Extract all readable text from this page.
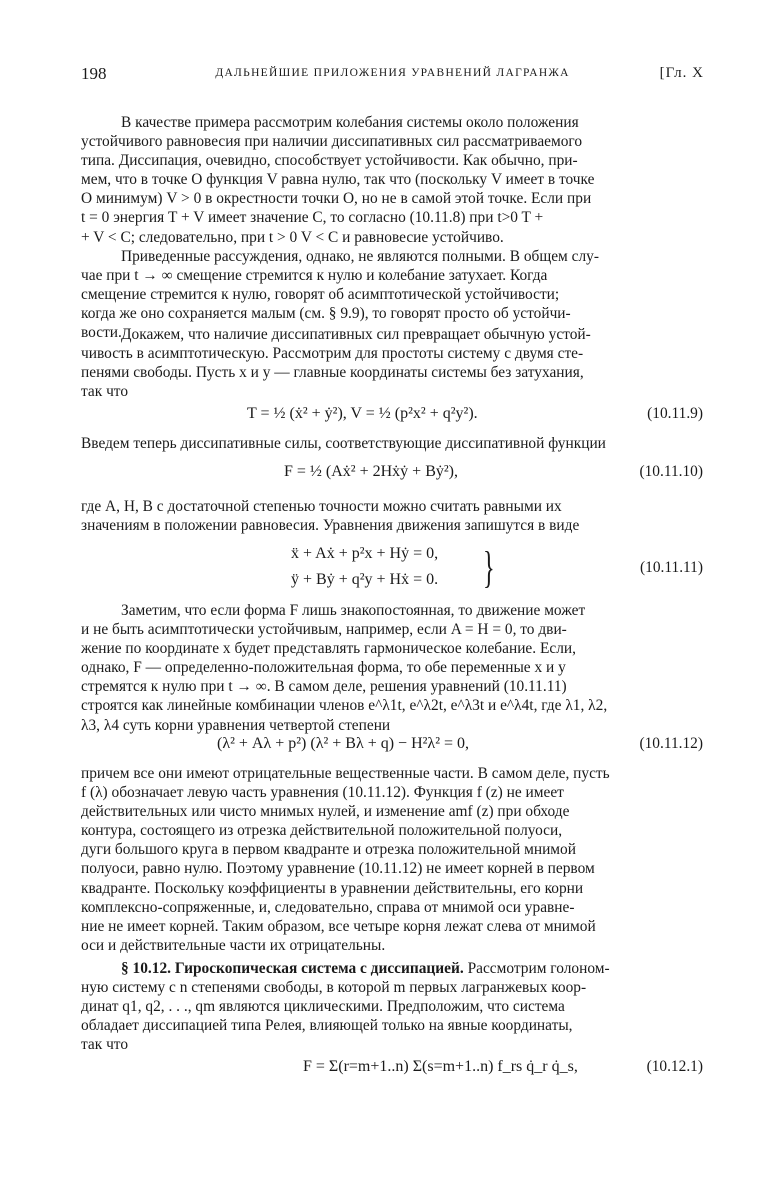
198	ДАЛЬНЕЙШИЕ ПРИЛОЖЕНИЯ УРАВНЕНИЙ ЛАГРАНЖА	[Гл. X
В качестве примера рассмотрим колебания системы около положения
устойчивого равновесия при наличии диссипативных сил рассматриваемого
типа. Диссипация, очевидно, способствует устойчивости. Как обычно, при-
мем, что в точке O функция V равна нулю, так что (поскольку V имеет в точке
O минимум) V > 0 в окрестности точки O, но не в самой этой точке. Если при
t = 0 энергия T + V имеет значение C, то согласно (10.11.8) при t>0 T +
+ V < C; следовательно, при t > 0 V < C и равновесие устойчиво.
Приведенные рассуждения, однако, не являются полными. В общем слу-
чае при t → ∞ смещение стремится к нулю и колебание затухает. Когда
смещение стремится к нулю, говорят об асимптотической устойчивости;
когда же оно сохраняется малым (см. § 9.9), то говорят просто об устойчи-
вости. Докажем, что наличие диссипативных сил превращает обычную устой-
чивость в асимптотическую. Рассмотрим для простоты систему с двумя сте-
пенями свободы. Пусть x и y — главные координаты системы без затухания,
так что
T = ½ (ẋ² + ẏ²), V = ½ (p²x² + q²y²).	(10.11.9)
Введем теперь диссипативные силы, соответствующие диссипативной функции
F = ½ (Aẋ² + 2Hẋẏ + Bẏ²),	(10.11.10)
где A, H, B с достаточной степенью точности можно считать равными их
значениям в положении равновесия. Уравнения движения запишутся в виде
ẍ + Aẋ + p²x + Hẏ = 0,
ÿ + Bẏ + q²y + Hẋ = 0. }	(10.11.11)
Заметим, что если форма F лишь знакопостоянная, то движение может
и не быть асимптотически устойчивым, например, если A = H = 0, то дви-
жение по координате x будет представлять гармоническое колебание. Если,
однако, F — определенно-положительная форма, то обе переменные x и y
стремятся к нулю при t → ∞. В самом деле, решения уравнений (10.11.11)
строятся как линейные комбинации членов e^λ1t, e^λ2t, e^λ3t и e^λ4t, где λ1, λ2,
λ3, λ4 суть корни уравнения четвертой степени
(λ² + Aλ + p²) (λ² + Bλ + q) − H²λ² = 0,	(10.11.12)
причем все они имеют отрицательные вещественные части. В самом деле, пусть
f (λ) обозначает левую часть уравнения (10.11.12). Функция f (z) не имеет
действительных или чисто мнимых нулей, и изменение amf (z) при обходе
контура, состоящего из отрезка действительной положительной полуоси,
дуги большого круга в первом квадранте и отрезка положительной мнимой
полуоси, равно нулю. Поэтому уравнение (10.11.12) не имеет корней в первом
квадранте. Поскольку коэффициенты в уравнении действительны, его корни
комплексно-сопряженные, и, следовательно, справа от мнимой оси уравне-
ние не имеет корней. Таким образом, все четыре корня лежат слева от мнимой
оси и действительные части их отрицательны.
§ 10.12. Гироскопическая система с диссипацией. Рассмотрим голоном-
ную систему с n степенями свободы, в которой m первых лагранжевых коор-
динат q1, q2, . . ., qm являются циклическими. Предположим, что система
обладает диссипацией типа Релея, влияющей только на явные координаты,
так что
F = Σ(r=m+1..n) Σ(s=m+1..n) f_rs q̇_r q̇_s,	(10.12.1)
